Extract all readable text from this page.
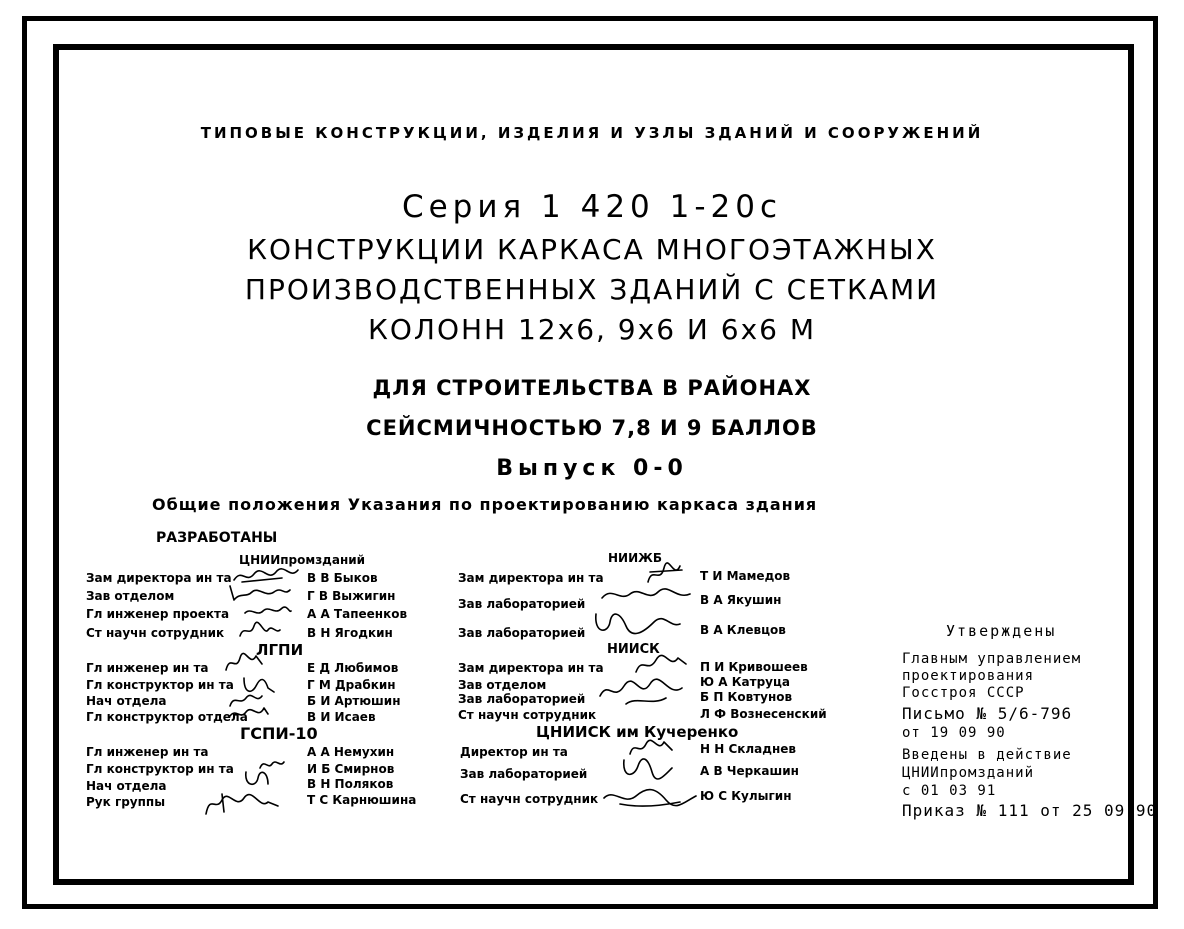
ТИПОВЫЕ КОНСТРУКЦИИ, ИЗДЕЛИЯ И УЗЛЫ ЗДАНИЙ И СООРУЖЕНИЙ
Серия 1 420 1-20с
КОНСТРУКЦИИ КАРКАСА МНОГОЭТАЖНЫХ
ПРОИЗВОДСТВЕННЫХ ЗДАНИЙ С СЕТКАМИ
КОЛОНН 12х6, 9х6 И 6х6 М
ДЛЯ СТРОИТЕЛЬСТВА В РАЙОНАХ
СЕЙСМИЧНОСТЬЮ 7,8 И 9 БАЛЛОВ
Выпуск 0-0
Общие положения Указания по проектированию каркаса здания
РАЗРАБОТАНЫ
ЦНИИпромзданий
Зам директора ин та	В В Быков
Зав отделом	Г В Выжигин
Гл инженер проекта	А А Тапеенков
Ст научн сотрудник	В Н Ягодкин
ЛГПИ
Гл инженер ин та	Е Д Любимов
Гл конструктор ин та	Г М Драбкин
Нач отдела	Б И Артюшин
Гл конструктор отдела	В И Исаев
ГСПИ-10
Гл инженер ин та	А А Немухин
Гл конструктор ин та	И Б Смирнов
Нач отдела	В Н Поляков
Рук группы	Т С Карнюшина
НИИЖБ
Зам директора ин та	Т И Мамедов
Зав лабораторией	В А Якушин
Зав лабораторией	В А Клевцов
НИИСК
Зам директора ин та	П И Кривошеев
Зав отделом	Ю А Катруца
Зав лабораторией	Б П Ковтунов
Ст научн сотрудник	Л Ф Вознесенский
ЦНИИСК им Кучеренко
Директор ин та	Н Н Складнев
Зав лабораторией	А В Черкашин
Ст научн сотрудник	Ю С Кулыгин
Утверждены
Главным управлением
проектирования
Госстроя СССР
Письмо № 5/6-796
от 19 09 90
Введены в действие
ЦНИИпромзданий
с 01 03 91
Приказ № 111 от 25 09 90
